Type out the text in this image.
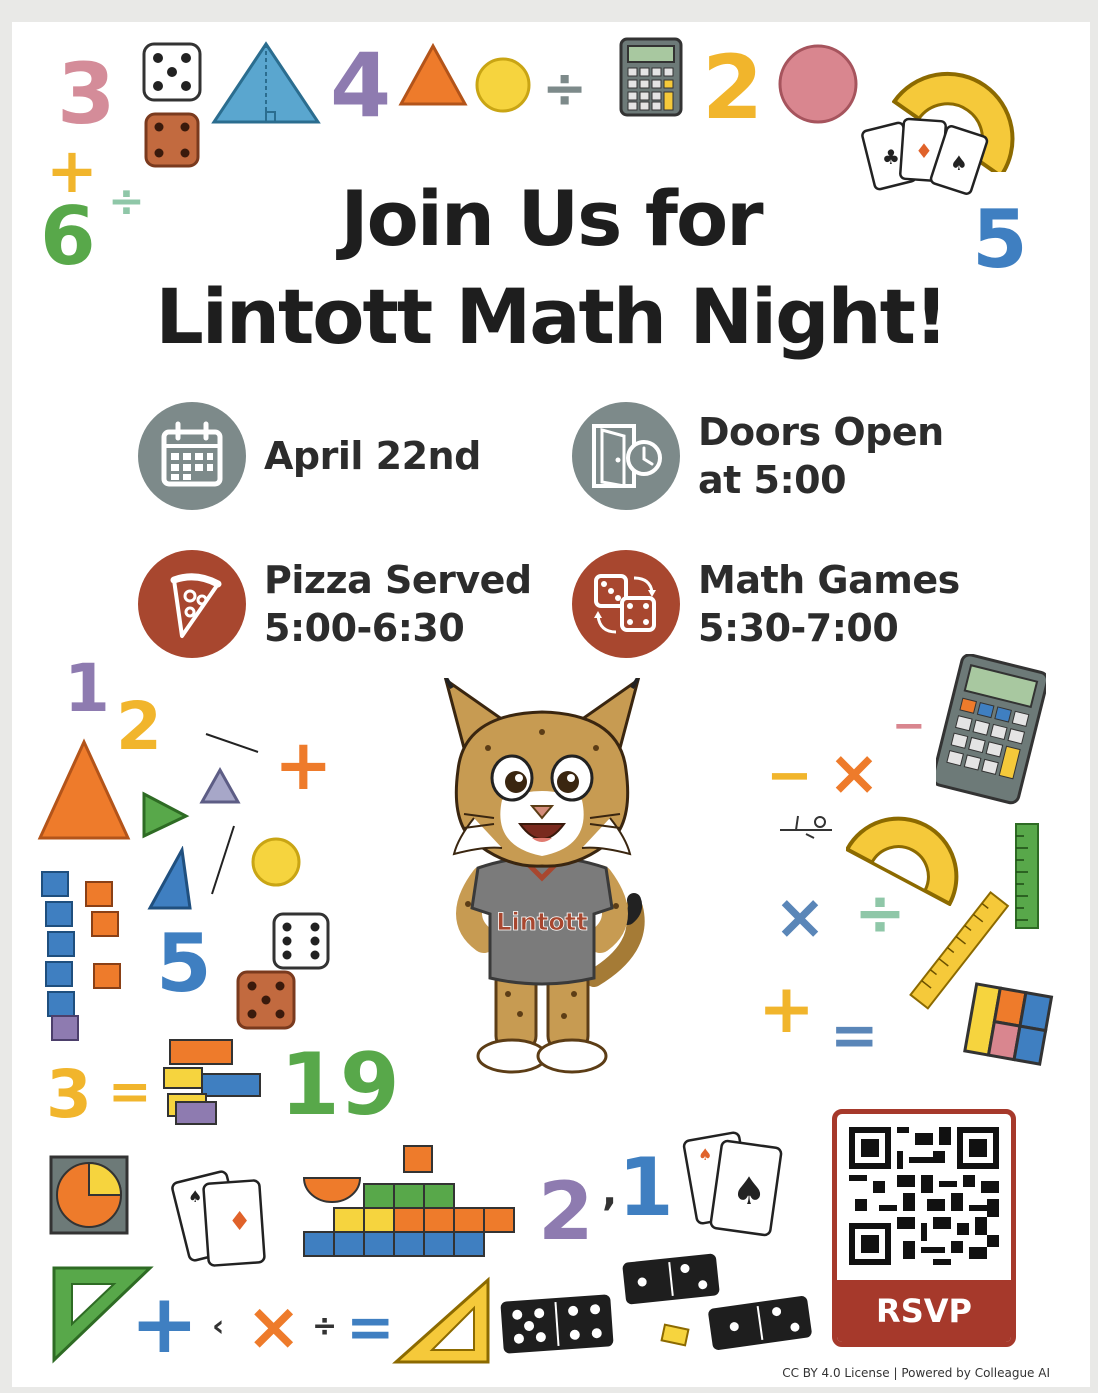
3 4	÷ 2
♣ ♦ ♠
+
6 ÷	5
Join Us for
Lintott Math Night!
April 22nd
Doors Open
at 5:00
Pizza Served
5:00-6:30
Math Games
5:30-7:00
1 2 +
5
3 = 19
Lintott
−
− ×
× ÷
+ =
♠
♦	2 , 1 ♠
♠
+ ‹ × ÷ =	RSVP
CC BY 4.0 License | Powered by Colleague AI
